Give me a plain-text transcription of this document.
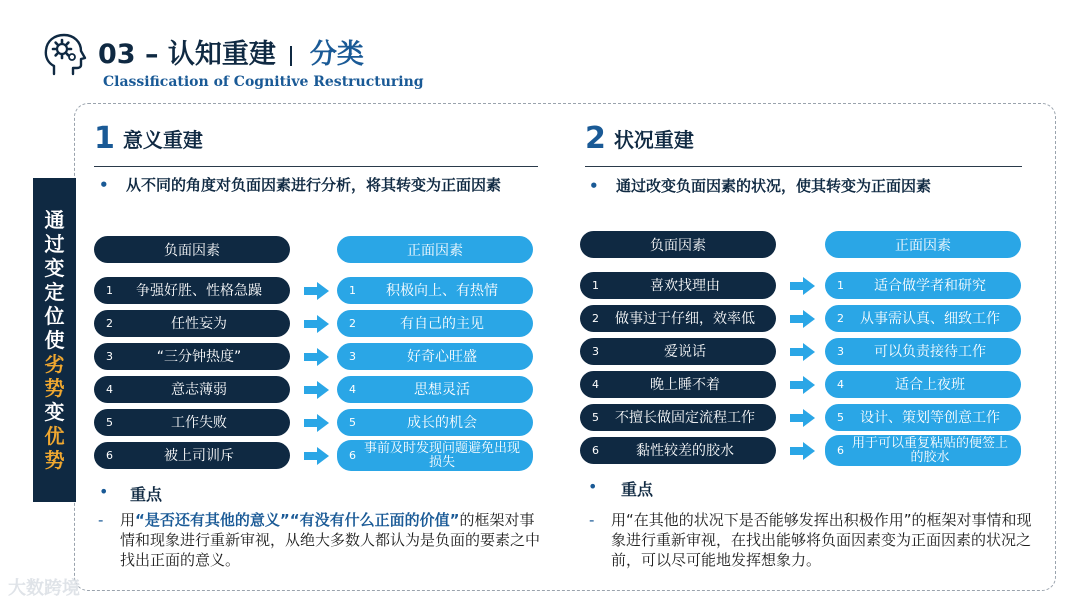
03 – 认知重建 分类
Classification of Cognitive Restructuring
通
过
变
定
位
使
劣
势
变
优
势
1 意义重建
• 从不同的角度对负面因素进行分析，将其转变为正面因素
负面因素	正面因素
1	争强好胜、性格急躁	1	积极向上、有热情
2	任性妄为	2	有自己的主见
3	“三分钟热度”	3	好奇心旺盛
4	意志薄弱	4	思想灵活
5	工作失败	5	成长的机会
6	被上司训斥	6 事前及时发现问题避免出现损失
• 重点
- 用“是否还有其他的意义”“有没有什么正面的价值”的框架对事情和现象进行重新审视，从绝大多数人都认为是负面的要素之中找出正面的意义。
2 状况重建
• 通过改变负面因素的状况，使其转变为正面因素
负面因素	正面因素
1	喜欢找理由	1	适合做学者和研究
2	做事过于仔细，效率低	2	从事需认真、细致工作
3	爱说话	3	可以负责接待工作
4	晚上睡不着	4	适合上夜班
5	不擅长做固定流程工作	5	设计、策划等创意工作
6	黏性较差的胶水	6 用于可以重复粘贴的便签上的胶水
• 重点
- 用“在其他的状况下是否能够发挥出积极作用”的框架对事情和现象进行重新审视，在找出能够将负面因素变为正面因素的状况之前，可以尽可能地发挥想象力。
大数跨境
